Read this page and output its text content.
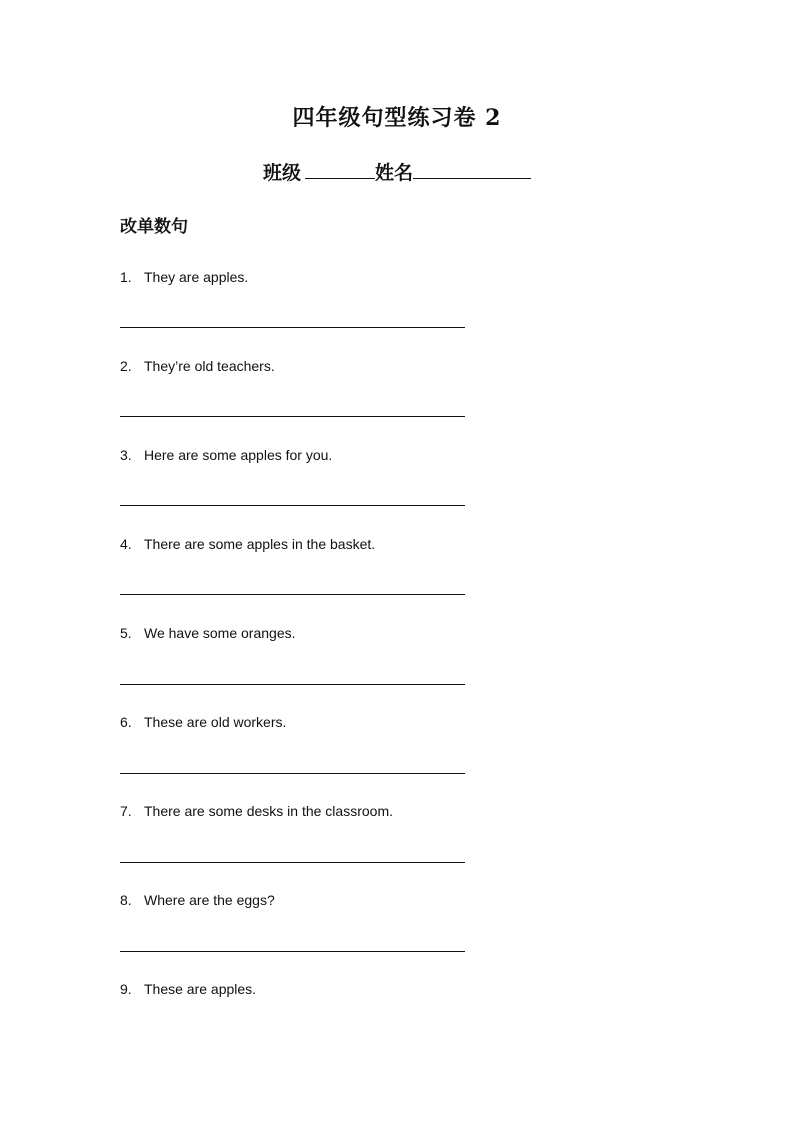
四年级句型练习卷 2
班级	姓名
改单数句
1. They are apples.
2. They’re old teachers.
3. Here are some apples for you.
4. There are some apples in the basket.
5. We have some oranges.
6. These are old workers.
7. There are some desks in the classroom.
8. Where are the eggs?
9. These are apples.
